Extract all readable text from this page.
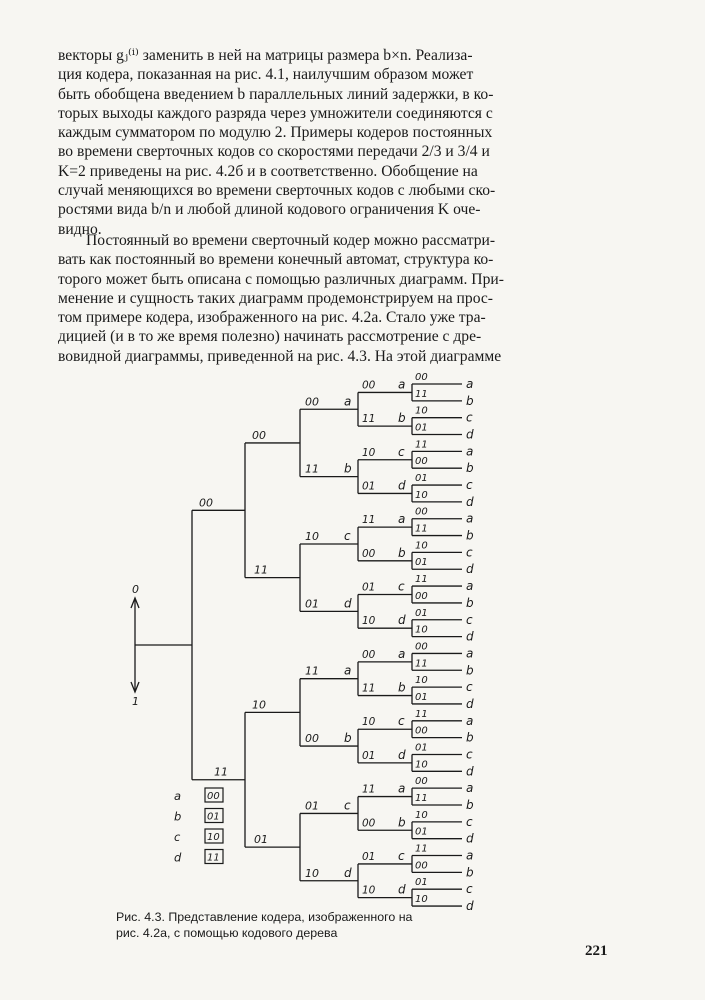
векторы gⱼ⁽ⁱ⁾ заменить в ней на матрицы размера b×n. Реализа-
ция кодера, показанная на рис. 4.1, наилучшим образом может
быть обобщена введением b параллельных линий задержки, в ко-
торых выходы каждого разряда через умножители соединяются с
каждым сумматором по модулю 2. Примеры кодеров постоянных
во времени сверточных кодов со скоростями передачи 2/3 и 3/4 и
K=2 приведены на рис. 4.2б и в соответственно. Обобщение на
случай меняющихся во времени сверточных кодов с любыми ско-
ростями вида b/n и любой длиной кодового ограничения K оче-
видно.
Постоянный во времени сверточный кодер можно рассматри-
вать как постоянный во времени конечный автомат, структура ко-
торого может быть описана с помощью различных диаграмм. При-
менение и сущность таких диаграмм продемонстрируем на прос-
том примере кодера, изображенного на рис. 4.2а. Стало уже тра-
дицией (и в то же время полезно) начинать рассмотрение с дре-
вовидной диаграммы, приведенной на рис. 4.3. На этой диаграмме
00
11
00
11
10
01
00 a
11 b
10 c
01 d
11 a
00 b
01 c
10 d
00 a
11 b
10 c
01 d
11 a
00 b
01 c
10 d
00 a
11 b
10 c
01 d
11 a
00 b
01 c
10 d
00	a
11	b
10	c
01	d
11	a
00	b
01	c
10	d
00	a
11	b
10	c
01	d
11	a
00	b
01	c
10	d
00	a
11	b
10	c
01	d
11	a
00	b
01	c
10	d
00	a
11	b
10	c
01	d
11	a
00	b
01	c
10	d
0
1
a	00
b	01
c	10
d	11

Рис. 4.3. Представление кодера, изображенного на
рис. 4.2а, с помощью кодового дерева

221
